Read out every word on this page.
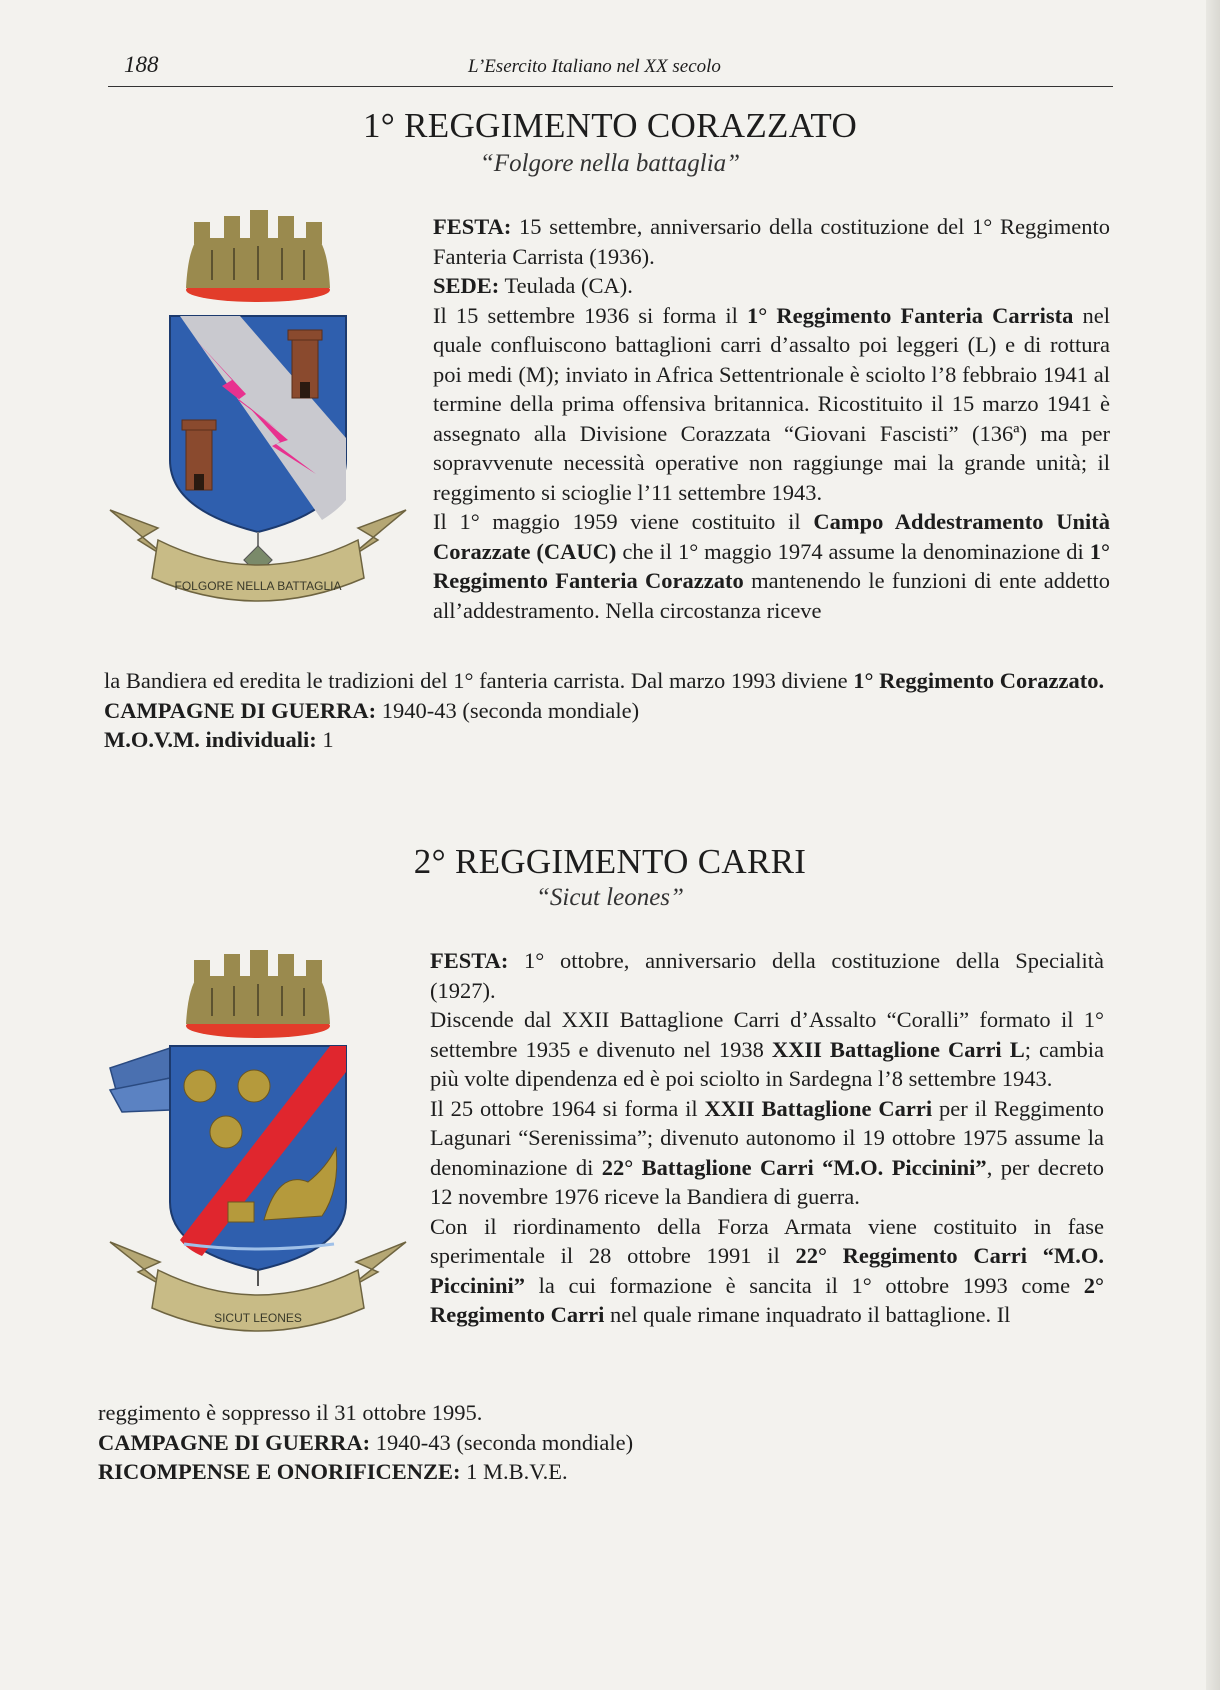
188	L’Esercito Italiano nel XX secolo
1° REGGIMENTO CORAZZATO
“Folgore nella battaglia”
FOLGORE NELLA BATTAGLIA

FESTA: 15 settembre, anniversario della costituzione del 1° Reggimento Fanteria Carrista (1936).

SEDE: Teulada (CA).

Il 15 settembre 1936 si forma il 1° Reggimento Fanteria Carrista nel quale confluiscono battaglioni carri d’assalto poi leggeri (L) e di rottura poi medi (M); inviato in Africa Settentrionale è sciolto l’8 febbraio 1941 al termine della prima offensiva britannica. Ricostituito il 15 marzo 1941 è assegnato alla Divisione Corazzata “Giovani Fascisti” (136ª) ma per sopravvenute necessità operative non raggiunge mai la grande unità; il reggimento si scioglie l’11 settembre 1943.

Il 1° maggio 1959 viene costituito il Campo Addestramento Unità Corazzate (CAUC) che il 1° maggio 1974 assume la denominazione di 1° Reggimento Fanteria Corazzato mantenendo le funzioni di ente addetto all’addestramento. Nella circostanza riceve

la Bandiera ed eredita le tradizioni del 1° fanteria carrista. Dal marzo 1993 diviene 1° Reggimento Corazzato.

CAMPAGNE DI GUERRA: 1940-43 (seconda mondiale)

M.O.V.M. individuali: 1

2° REGGIMENTO CARRI
“Sicut leones”
SICUT LEONES

FESTA: 1° ottobre, anniversario della costituzione della Specialità (1927).

Discende dal XXII Battaglione Carri d’Assalto “Coralli” formato il 1° settembre 1935 e divenuto nel 1938 XXII Battaglione Carri L; cambia più volte dipendenza ed è poi sciolto in Sardegna l’8 settembre 1943.

Il 25 ottobre 1964 si forma il XXII Battaglione Carri per il Reggimento Lagunari “Serenissima”; divenuto autonomo il 19 ottobre 1975 assume la denominazione di 22° Battaglione Carri “M.O. Piccinini”, per decreto 12 novembre 1976 riceve la Bandiera di guerra.

Con il riordinamento della Forza Armata viene costituito in fase sperimentale il 28 ottobre 1991 il 22° Reggimento Carri “M.O. Piccinini” la cui formazione è sancita il 1° ottobre 1993 come 2° Reggimento Carri nel quale rimane inquadrato il battaglione. Il

reggimento è soppresso il 31 ottobre 1995.

CAMPAGNE DI GUERRA: 1940-43 (seconda mondiale)

RICOMPENSE E ONORIFICENZE: 1 M.B.V.E.
